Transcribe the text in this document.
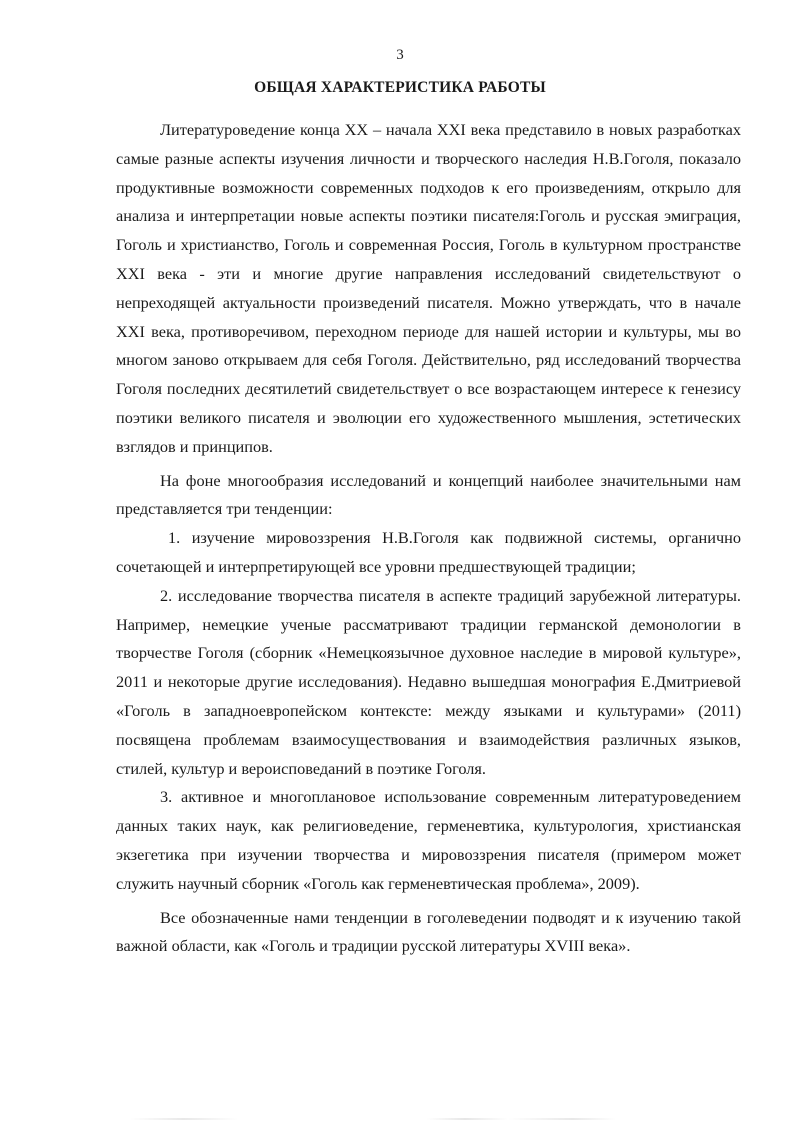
3
ОБЩАЯ ХАРАКТЕРИСТИКА РАБОТЫ

Литературоведение конца XX – начала XXI века представило в новых разработках самые разные аспекты изучения личности и творческого наследия Н.В.Гоголя, показало продуктивные возможности современных подходов к его произведениям, открыло для анализа и интерпретации новые аспекты поэтики писателя:Гоголь и русская эмиграция, Гоголь и христианство, Гоголь и современная Россия, Гоголь в культурном пространстве XXI века - эти и многие другие направления исследований свидетельствуют о непреходящей актуальности произведений писателя. Можно утверждать, что в начале XXI века, противоречивом, переходном периоде для нашей истории и культуры, мы во многом заново открываем для себя Гоголя. Действительно, ряд исследований творчества Гоголя последних десятилетий свидетельствует о все возрастающем интересе к генезису поэтики великого писателя и эволюции его художественного мышления, эстетических взглядов и принципов.

На фоне многообразия исследований и концепций наиболее значительными нам представляется три тенденции:

1. изучение мировоззрения Н.В.Гоголя как подвижной системы, органично сочетающей и интерпретирующей все уровни предшествующей традиции;

2. исследование творчества писателя в аспекте традиций зарубежной литературы. Например, немецкие ученые рассматривают традиции германской демонологии в творчестве Гоголя (сборник «Немецкоязычное духовное наследие в мировой культуре», 2011 и некоторые другие исследования). Недавно вышедшая монография Е.Дмитриевой «Гоголь в западноевропейском контексте: между языками и культурами» (2011) посвящена проблемам взаимосуществования и взаимодействия различных языков, стилей, культур и вероисповеданий в поэтике Гоголя.

3. активное и многоплановое использование современным литературоведением данных таких наук, как религиоведение, герменевтика, культурология, христианская экзегетика при изучении творчества и мировоззрения писателя (примером может служить научный сборник «Гоголь как герменевтическая проблема», 2009).

Все обозначенные нами тенденции в гоголеведении подводят и к изучению такой важной области, как «Гоголь и традиции русской литературы XVIII века».
